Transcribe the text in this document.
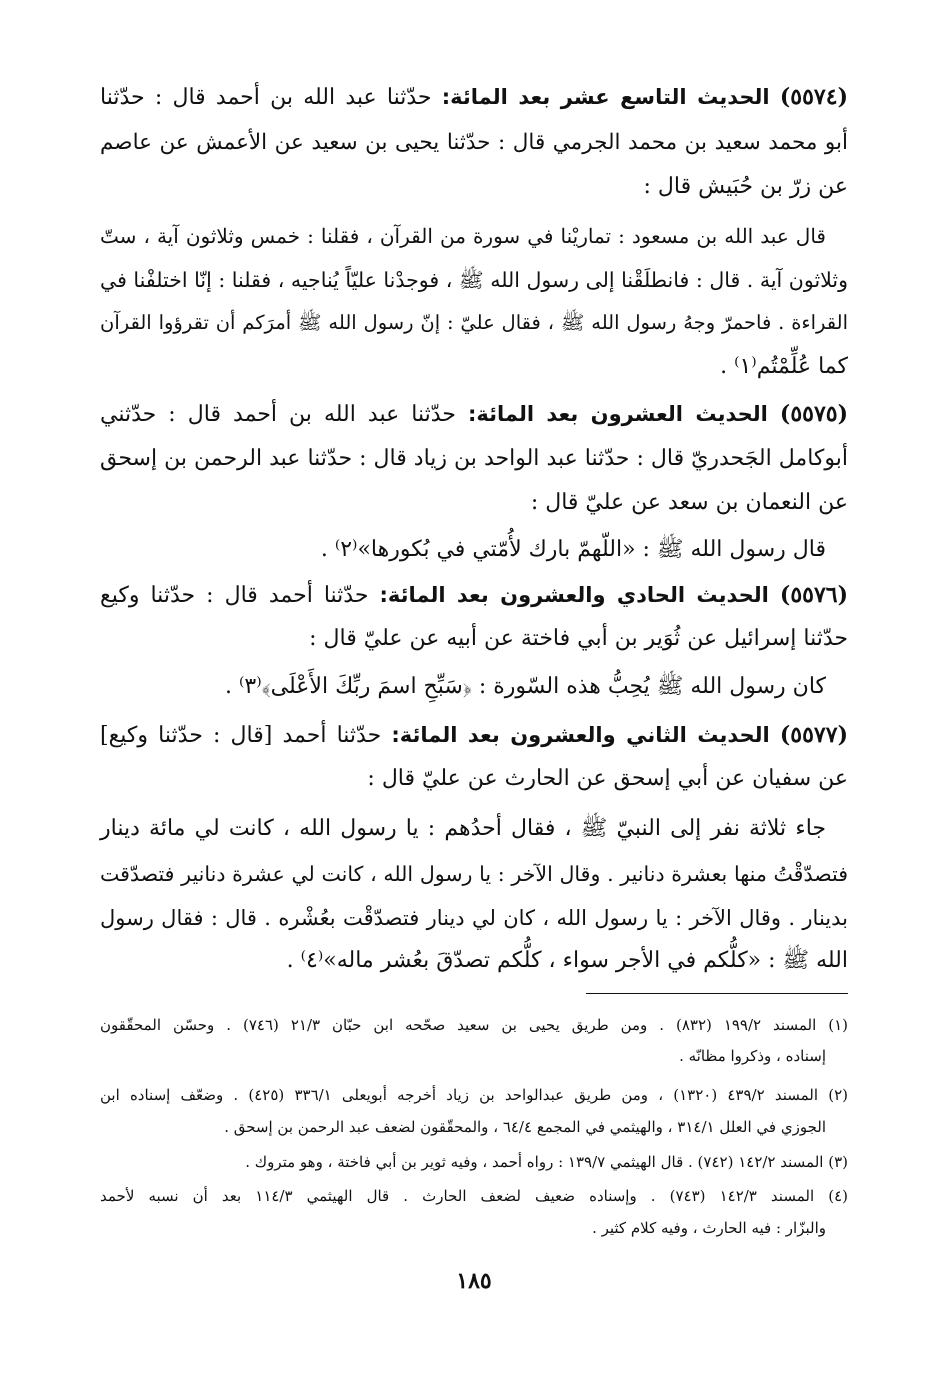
(٥٥٧٤) الحديث التاسع عشر بعد المائة: حدّثنا عبد الله بن أحمد قال : حدّثنا
أبو محمد سعيد بن محمد الجرمي قال : حدّثنا يحيى بن سعيد عن الأعمش عن عاصم
عن زرّ بن حُبَيش قال :
قال عبد الله بن مسعود : تماريْنا في سورة من القرآن ، فقلنا : خمس وثلاثون آية ، ستّ
وثلاثون آية . قال : فانطلَقْنا إلى رسول الله ﷺ ، فوجدْنا عليّاً يُناجيه ، فقلنا : إنّا اختلفْنا في
القراءة . فاحمرّ وجهُ رسول الله ﷺ ، فقال عليّ : إنّ رسول الله ﷺ أمرَكم أن تقرؤوا القرآن
كما عُلِّمْتُم⁽١⁾ .
(٥٥٧٥) الحديث العشرون بعد المائة: حدّثنا عبد الله بن أحمد قال : حدّثني
أبوكامل الجَحدريّ قال : حدّثنا عبد الواحد بن زياد قال : حدّثنا عبد الرحمن بن إسحق
عن النعمان بن سعد عن عليّ قال :
قال رسول الله ﷺ : «اللّهمّ بارك لأُمّتي في بُكورها»⁽٢⁾ .
(٥٥٧٦) الحديث الحادي والعشرون بعد المائة: حدّثنا أحمد قال : حدّثنا وكيع
حدّثنا إسرائيل عن ثُوَير بن أبي فاختة عن أبيه عن عليّ قال :
كان رسول الله ﷺ يُحِبُّ هذه السّورة : ﴿سَبِّحِ اسمَ ربِّكَ الأَعْلَى﴾⁽٣⁾ .
(٥٥٧٧) الحديث الثاني والعشرون بعد المائة: حدّثنا أحمد [قال : حدّثنا وكيع]
عن سفيان عن أبي إسحق عن الحارث عن عليّ قال :
جاء ثلاثة نفر إلى النبيّ ﷺ ، فقال أحدُهم : يا رسول الله ، كانت لي مائة دينار
فتصدّقْتُ منها بعشرة دنانير . وقال الآخر : يا رسول الله ، كانت لي عشرة دنانير فتصدّقت
بدينار . وقال الآخر : يا رسول الله ، كان لي دينار فتصدّقْت بعُشْره . قال : فقال رسول
الله ﷺ : «كلُّكم في الأجر سواء ، كلُّكم تصدّقَ بعُشر ماله»⁽٤⁾ .
(١) المسند ١٩٩/٢ (٨٣٢) . ومن طريق يحيى بن سعيد صحّحه ابن حبّان ٢١/٣ (٧٤٦) . وحسّن المحقّقون
إسناده ، وذكروا مظانّه .
(٢) المسند ٤٣٩/٢ (١٣٢٠) ، ومن طريق عبدالواحد بن زياد أخرجه أبويعلى ٣٣٦/١ (٤٢٥) . وضعّف إسناده ابن
الجوزي في العلل ٣١٤/١ ، والهيثمي في المجمع ٦٤/٤ ، والمحقّقون لضعف عبد الرحمن بن إسحق .
(٣) المسند ١٤٢/٢ (٧٤٢) . قال الهيثمي ١٣٩/٧ : رواه أحمد ، وفيه ثوير بن أبي فاختة ، وهو متروك .
(٤) المسند ١٤٢/٣ (٧٤٣) . وإسناده ضعيف لضعف الحارث . قال الهيثمي ١١٤/٣ بعد أن نسبه لأحمد
والبزّار : فيه الحارث ، وفيه كلام كثير .
١٨٥
